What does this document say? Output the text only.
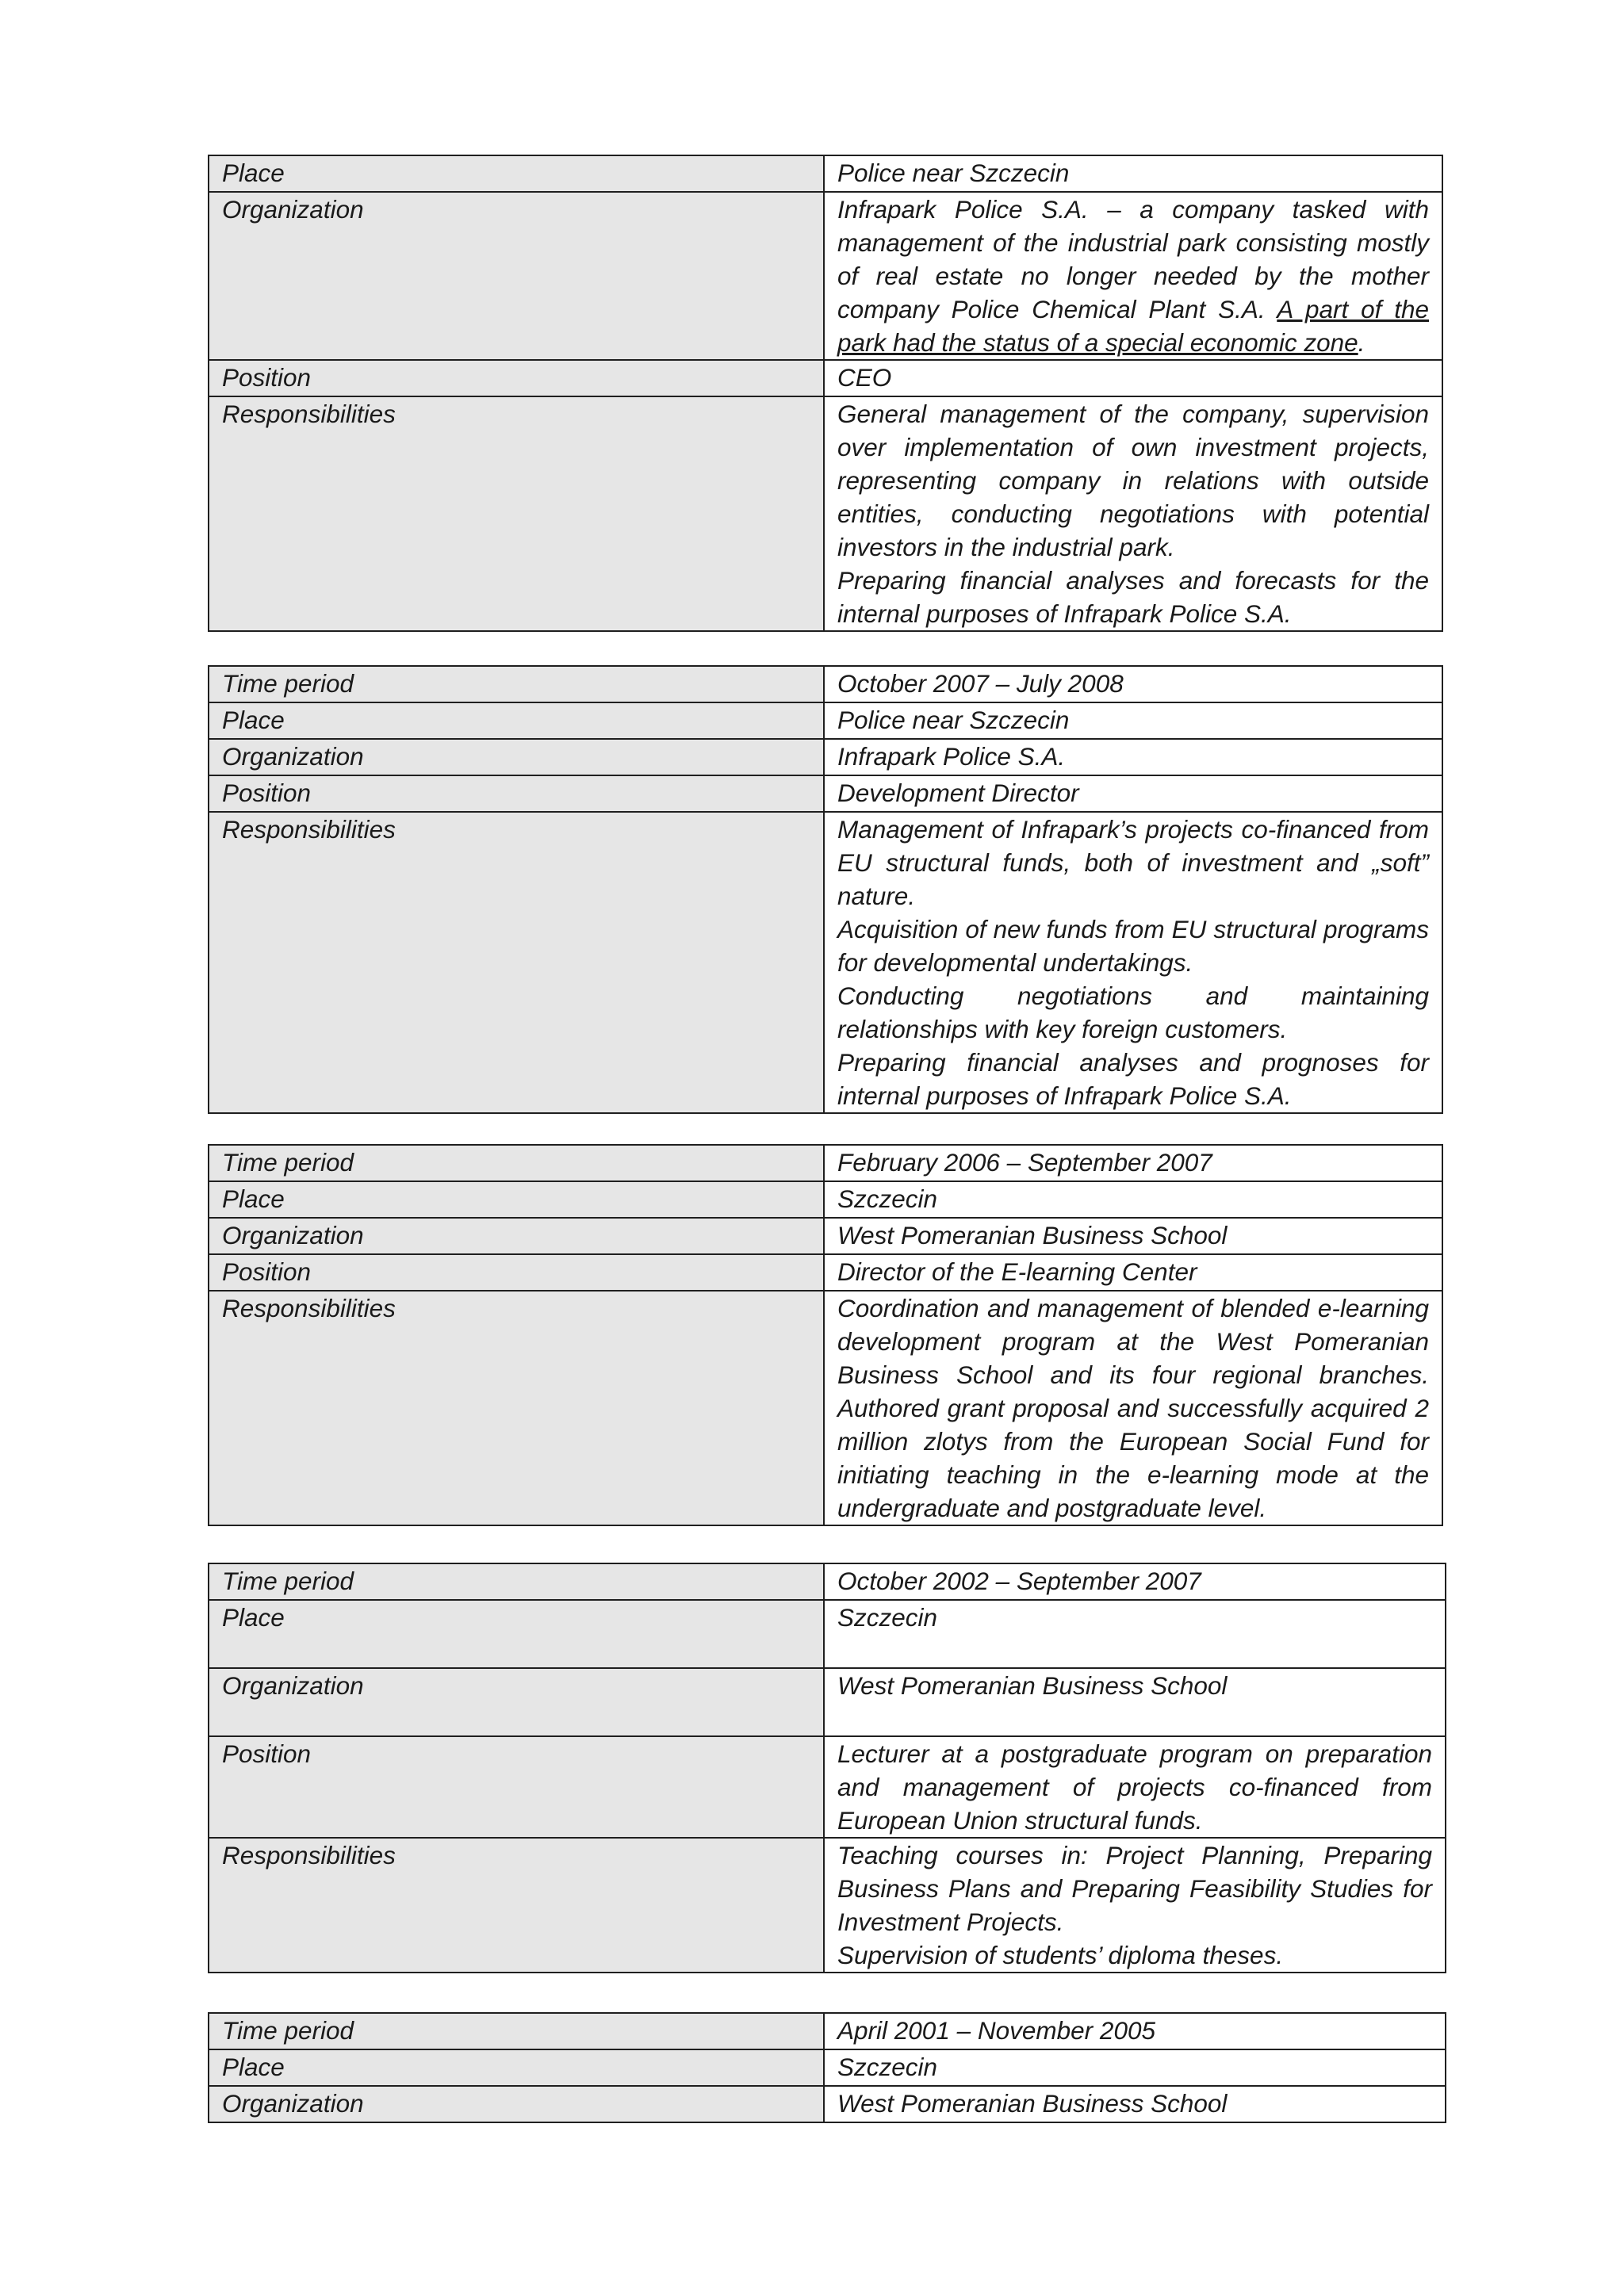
Place	Police near Szczecin
Organization	Infrapark Police S.A. – a company tasked with management of the industrial park consisting mostly of real estate no longer needed by the mother company Police Chemical Plant S.A. A part of the park had the status of a special economic zone.
Position	CEO
Responsibilities	General management of the company, supervision over implementation of own investment projects, representing company in relations with outside entities, conducting negotiations with potential investors in the industrial park.
Preparing financial analyses and forecasts for the internal purposes of Infrapark Police S.A.
Time period	October 2007 – July 2008
Place	Police near Szczecin
Organization	Infrapark Police S.A.
Position	Development Director
Responsibilities	Management of Infrapark’s projects co-financed from EU structural funds, both of investment and „soft” nature.
Acquisition of new funds from EU structural programs for developmental undertakings.
Conducting negotiations and maintaining relationships with key foreign customers.
Preparing financial analyses and prognoses for internal purposes of Infrapark Police S.A.
Time period	February 2006 – September 2007
Place	Szczecin
Organization	West Pomeranian Business School
Position	Director of the E-learning Center
Responsibilities	Coordination and management of blended e-learning development program at the West Pomeranian Business School and its four regional branches. Authored grant proposal and successfully acquired 2 million zlotys from the European Social Fund for initiating teaching in the e-learning mode at the undergraduate and postgraduate level.
Time period	October 2002 – September 2007
Place	Szczecin
Organization	West Pomeranian Business School
Position	Lecturer at a postgraduate program on preparation and management of projects co-financed from European Union structural funds.
Responsibilities	Teaching courses in: Project Planning, Preparing Business Plans and Preparing Feasibility Studies for Investment Projects.
Supervision of students’ diploma theses.
Time period	April 2001 – November 2005
Place	Szczecin
Organization	West Pomeranian Business School
